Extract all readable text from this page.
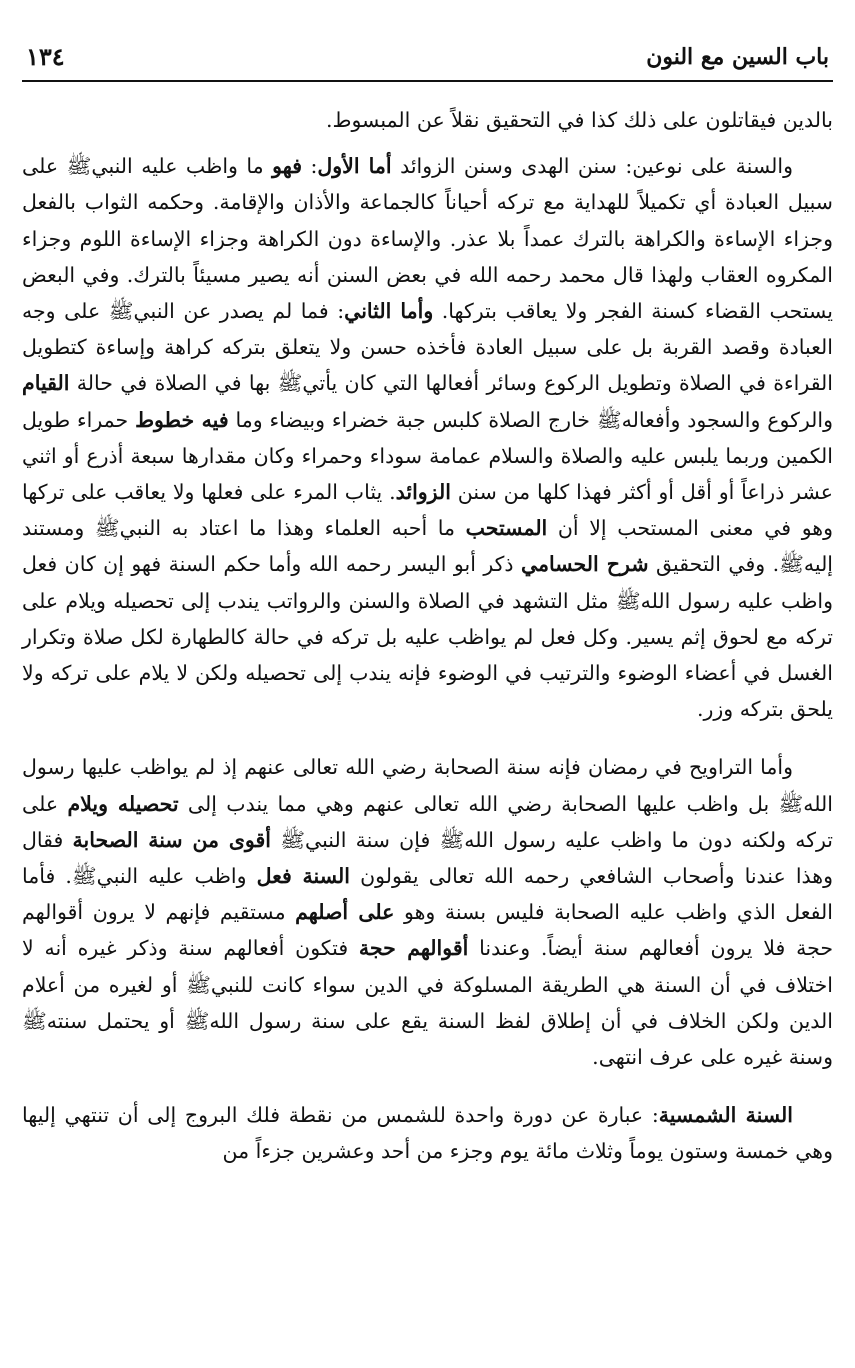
باب السين مع النون
١٣٤

بالدين فيقاتلون على ذلك كذا في التحقيق نقلاً عن المبسوط.

والسنة على نوعين: سنن الهدى وسنن الزوائد أما الأول: فهو ما واظب عليه النبيﷺ على سبيل العبادة أي تكميلاً للهداية مع تركه أحياناً كالجماعة والأذان والإقامة. وحكمه الثواب بالفعل وجزاء الإساءة والكراهة بالترك عمداً بلا عذر. والإساءة دون الكراهة وجزاء الإساءة اللوم وجزاء المكروه العقاب ولهذا قال محمد رحمه الله في بعض السنن أنه يصير مسيئاً بالترك. وفي البعض يستحب القضاء كسنة الفجر ولا يعاقب بتركها. وأما الثاني: فما لم يصدر عن النبيﷺ على وجه العبادة وقصد القربة بل على سبيل العادة فأخذه حسن ولا يتعلق بتركه كراهة وإساءة كتطويل القراءة في الصلاة وتطويل الركوع وسائر أفعالها التي كان يأتيﷺ بها في الصلاة في حالة القيام والركوع والسجود وأفعالهﷺ خارج الصلاة كلبس جبة خضراء وبيضاء وما فيه خطوط حمراء طويل الكمين وربما يلبس عليه والصلاة والسلام عمامة سوداء وحمراء وكان مقدارها سبعة أذرع أو اثني عشر ذراعاً أو أقل أو أكثر فهذا كلها من سنن الزوائد. يثاب المرء على فعلها ولا يعاقب على تركها وهو في معنى المستحب إلا أن المستحب ما أحبه العلماء وهذا ما اعتاد به النبيﷺ ومستند إليهﷺ. وفي التحقيق شرح الحسامي ذكر أبو اليسر رحمه الله وأما حكم السنة فهو إن كان فعل واظب عليه رسول اللهﷺ مثل التشهد في الصلاة والسنن والرواتب يندب إلى تحصيله ويلام على تركه مع لحوق إثم يسير. وكل فعل لم يواظب عليه بل تركه في حالة كالطهارة لكل صلاة وتكرار الغسل في أعضاء الوضوء والترتيب في الوضوء فإنه يندب إلى تحصيله ولكن لا يلام على تركه ولا يلحق بتركه وزر.

وأما التراويح في رمضان فإنه سنة الصحابة رضي الله تعالى عنهم إذ لم يواظب عليها رسول اللهﷺ بل واظب عليها الصحابة رضي الله تعالى عنهم وهي مما يندب إلى تحصيله ويلام على تركه ولكنه دون ما واظب عليه رسول اللهﷺ فإن سنة النبيﷺ أقوى من سنة الصحابة فقال وهذا عندنا وأصحاب الشافعي رحمه الله تعالى يقولون السنة فعل واظب عليه النبيﷺ. فأما الفعل الذي واظب عليه الصحابة فليس بسنة وهو على أصلهم مستقيم فإنهم لا يرون أقوالهم حجة فلا يرون أفعالهم سنة أيضاً. وعندنا أقوالهم حجة فتكون أفعالهم سنة وذكر غيره أنه لا اختلاف في أن السنة هي الطريقة المسلوكة في الدين سواء كانت للنبيﷺ أو لغيره من أعلام الدين ولكن الخلاف في أن إطلاق لفظ السنة يقع على سنة رسول اللهﷺ أو يحتمل سنتهﷺ وسنة غيره على عرف انتهى.

السنة الشمسية: عبارة عن دورة واحدة للشمس من نقطة فلك البروج إلى أن تنتهي إليها وهي خمسة وستون يوماً وثلاث مائة يوم وجزء من أحد وعشرين جزءاً من
